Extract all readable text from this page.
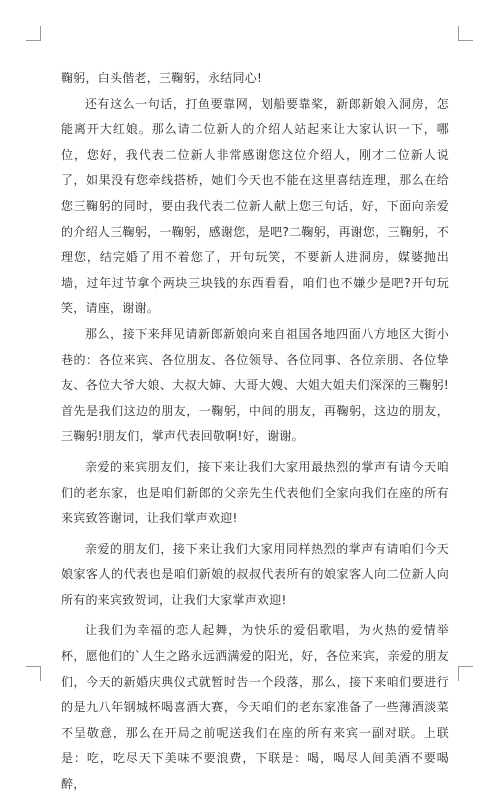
鞠躬，白头偕老，三鞠躬，永结同心!

还有这么一句话，打鱼要靠网，划船要靠桨，新郎新娘入洞房，怎能离开大红娘。那么请二位新人的介绍人站起来让大家认识一下，哪位，您好，我代表二位新人非常感谢您这位介绍人，刚才二位新人说了，如果没有您牵线搭桥，她们今天也不能在这里喜结连理，那么在给您三鞠躬的同时，要由我代表二位新人献上您三句话，好，下面向亲爱的介绍人三鞠躬，一鞠躬，感谢您，是吧?二鞠躬，再谢您，三鞠躬，不理您，结完婚了用不着您了，开句玩笑，不要新人进洞房，媒婆抛出墙，过年过节拿个两块三块钱的东西看看，咱们也不嫌少是吧?开句玩笑，请座，谢谢。

那么，接下来拜见请新郎新娘向来自祖国各地四面八方地区大街小巷的：各位来宾、各位朋友、各位领导、各位同事、各位亲朋、各位挚友、各位大爷大娘、大叔大婶、大哥大嫂、大姐大姐夫们深深的三鞠躬!首先是我们这边的朋友，一鞠躬，中间的朋友，再鞠躬，这边的朋友，三鞠躬!朋友们，掌声代表回敬啊!好，谢谢。

亲爱的来宾朋友们，接下来让我们大家用最热烈的掌声有请今天咱们的老东家，也是咱们新郎的父亲先生代表他们全家向我们在座的所有来宾致答谢词，让我们掌声欢迎!

亲爱的朋友们，接下来让我们大家用同样热烈的掌声有请咱们今天娘家客人的代表也是咱们新娘的叔叔代表所有的娘家客人向二位新人向所有的来宾致贺词，让我们大家掌声欢迎!

让我们为幸福的恋人起舞，为快乐的爱侣歌唱，为火热的爱情举杯，愿他们的`人生之路永远洒满爱的阳光，好，各位来宾，亲爱的朋友们，今天的新婚庆典仪式就暂时告一个段落，那么，接下来咱们要进行的是九八年钢城杯喝喜酒大赛，今天咱们的老东家准备了一些薄酒淡菜不呈敬意，那么在开局之前呢送我们在座的所有来宾一副对联。上联是：吃，吃尽天下美味不要浪费，下联是：喝，喝尽人间美酒不要喝醉，
